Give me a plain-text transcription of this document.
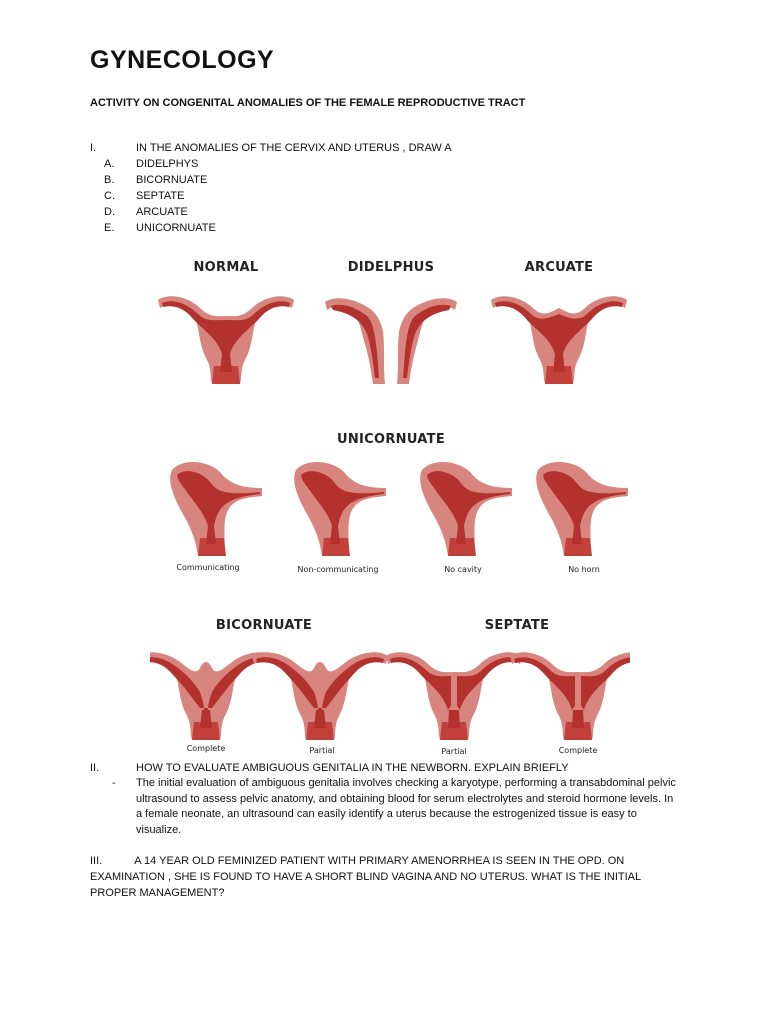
GYNECOLOGY
ACTIVITY ON CONGENITAL ANOMALIES OF THE FEMALE REPRODUCTIVE TRACT
I.	IN THE ANOMALIES OF THE CERVIX AND UTERUS , DRAW A
A. DIDELPHYS
B. BICORNUATE
C. SEPTATE
D. ARCUATE
E. UNICORNUATE
NORMAL	DIDELPHUS	ARCUATE
UNICORNUATE
Communicating	Non-communicating	No cavity	No horn
BICORNUATE	SEPTATE
Complete	Partial	Partial	Complete
II.	HOW TO EVALUATE AMBIGUOUS GENITALIA IN THE NEWBORN. EXPLAIN BRIEFLY
- The initial evaluation of ambiguous genitalia involves checking a karyotype, performing a transabdominal pelvic ultrasound to assess pelvic anatomy, and obtaining blood for serum electrolytes and steroid hormone levels. In a female neonate, an ultrasound can easily identify a uterus because the estrogenized tissue is easy to visualize.
III.	A 14 YEAR OLD FEMINIZED PATIENT WITH PRIMARY AMENORRHEA IS SEEN IN THE OPD. ON EXAMINATION , SHE IS FOUND TO HAVE A SHORT BLIND VAGINA AND NO UTERUS. WHAT IS THE INITIAL PROPER MANAGEMENT?
